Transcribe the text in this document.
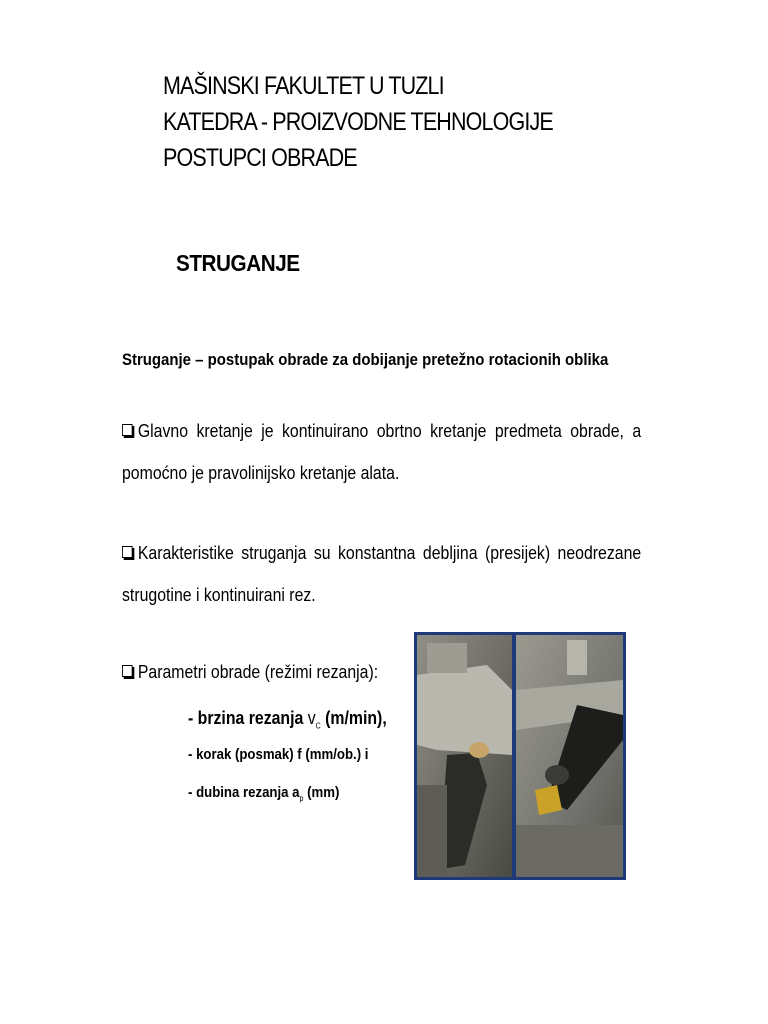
MAŠINSKI FAKULTET U TUZLI
KATEDRA - PROIZVODNE TEHNOLOGIJE
POSTUPCI OBRADE
STRUGANJE
Struganje – postupak obrade za dobijanje pretežno rotacionih oblika
Glavno kretanje je kontinuirano obrtno kretanje predmeta obrade, a pomoćno je pravolinijsko kretanje alata.
Karakteristike struganja su konstantna debljina (presijek) neodrezane strugotine i kontinuirani rez.
Parametri obrade (režimi rezanja):
- brzina rezanja $v_C$ (m/min),
- korak (posmak) f (mm/ob.) i
- dubina rezanja $a_p$ (mm)
